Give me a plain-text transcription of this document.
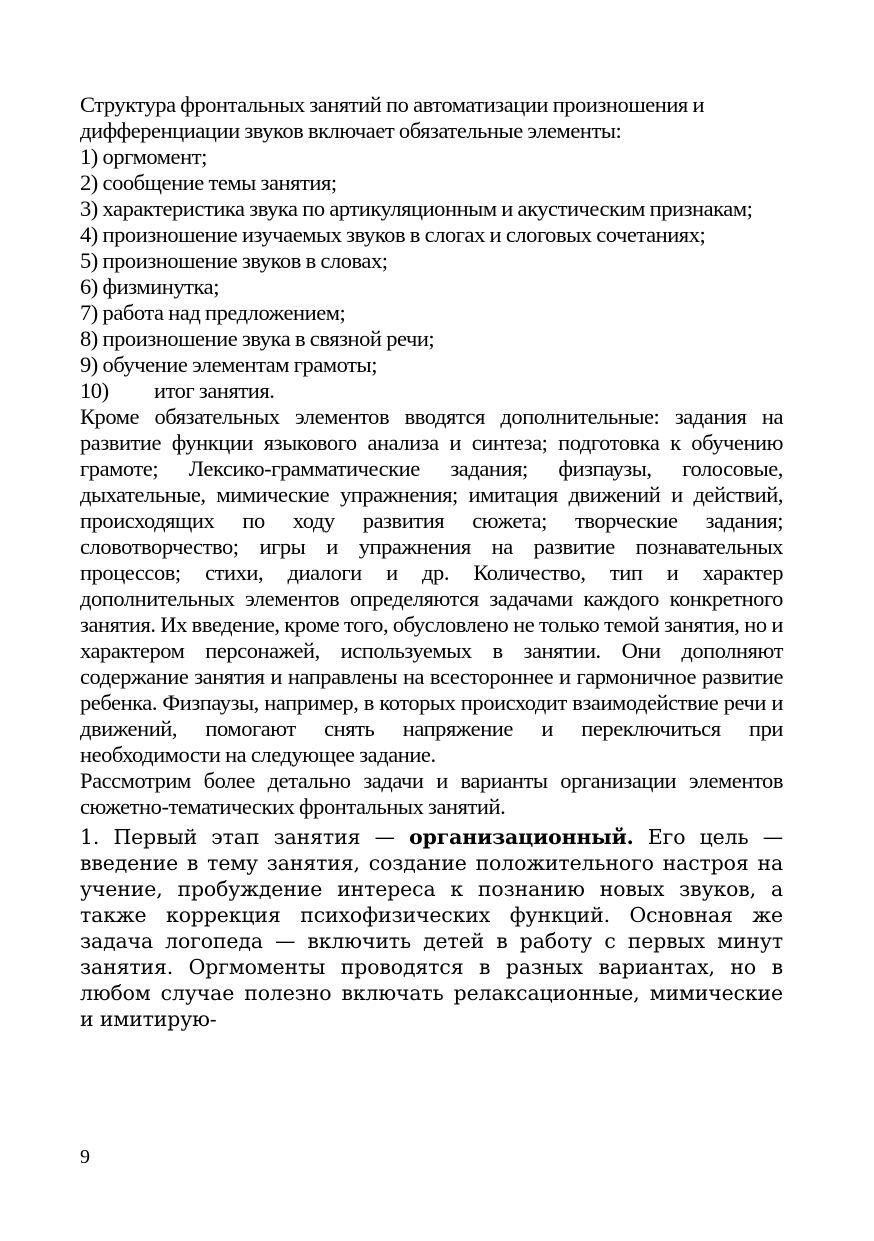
Структура фронтальных занятий по автоматизации произношения и дифференциации звуков включает обязательные элементы:

1) оргмомент;
2) сообщение темы занятия;
3) характеристика звука по артикуляционным и акустическим признакам;
4) произношение изучаемых звуков в слогах и слоговых сочетаниях;
5) произношение звуков в словах;
6) физминутка;
7) работа над предложением;
8) произношение звука в связной речи;
9) обучение элементам грамоты;
10) итог занятия.

Кроме обязательных элементов вводятся дополнительные: задания на развитие функции языкового анализа и синтеза; подготовка к обучению грамоте; Лексико-грамматические задания; физпаузы, голосовые, дыхательные, мимические упражнения; имитация движений и действий, происходящих по ходу развития сюжета; творческие задания; словотворчество; игры и упражнения на развитие познавательных процессов; стихи, диалоги и др. Количество, тип и характер дополнительных элементов определяются задачами каждого конкретного занятия. Их введение, кроме того, обусловлено не только темой занятия, но и характером персонажей, используемых в занятии. Они дополняют содержание занятия и направлены на всестороннее и гармоничное развитие ребенка. Физпаузы, например, в которых происходит взаимодействие речи и движений, помогают снять напряжение и переключиться при необходимости на следующее задание.

Рассмотрим более детально задачи и варианты организации элементов сюжетно-тематических фронтальных занятий.

1. Первый этап занятия — организационный. Его цель — введение в тему занятия, создание положительного настроя на учение, пробуждение интереса к познанию новых звуков, а также коррекция психофизических функций. Основная же задача логопеда — включить детей в работу с первых минут занятия. Оргмоменты проводятся в разных вариантах, но в любом случае полезно включать релаксационные, мимические и имитирую-

9
